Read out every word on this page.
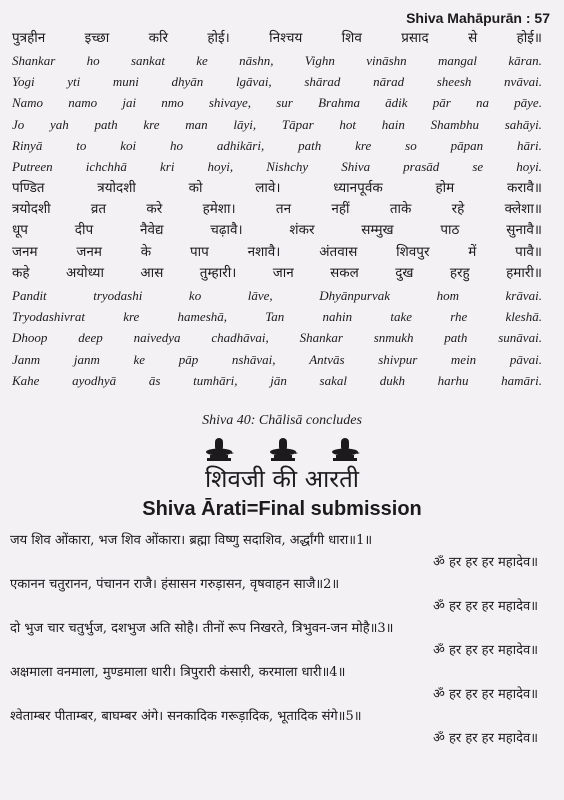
Shiva Mahāpurān : 57
पुत्रहीन	इच्छा	करि	होई।	निश्चय	शिव	प्रसाद	से	होई॥
Shankar ho sankat ke nāshn, Vighn vināshn mangal kāran.
Yogi	yti	muni	dhyān	lgāvai,	shārad	nārad	sheesh	nvāvai.
Namo namo jai nmo shivaye, sur Brahma ādik pār na pāye.
Jo yah path kre man lāyi, Tāpar hot hain Shambhu sahāyi.
Rinyā	to	koi	ho	adhikāri,	path	kre	so	pāpan	hāri.
Putreen	ichchhā	kri	hoyi,	Nishchy	Shiva	prasād	se	hoyi.
पण्डित	त्रयोदशी	को	लावे।	ध्यानपूर्वक	होम	करावै॥
त्रयोदशी	व्रत	करे	हमेशा।	तन	नहीं	ताके	रहे	क्लेशा॥
धूप	दीप	नैवेद्य	चढ़ावै।	शंकर	सम्मुख	पाठ	सुनावै॥
जनम	जनम	के	पाप	नशावै।	अंतवास	शिवपुर	में	पावै॥
कहे	अयोध्या	आस	तुम्हारी।	जान	सकल	दुख	हरहु	हमारी॥
Pandit	tryodashi	ko	lāve,	Dhyānpurvak	hom	krāvai.
Tryodashivrat	kre	hameshā,	Tan	nahin	take	rhe	kleshā.
Dhoop deep naivedya chadhāvai, Shankar snmukh path sunāvai.
Janm	janm	ke	pāp	nshāvai,	Antvās	shivpur	mein	pāvai.
Kahe	ayodhyā	ās	tumhāri,	jān	sakal	dukh	harhu	hamāri.
Shiva 40: Chālisā concludes
शिवजी की आरती
Shiva Ārati=Final submission
जय शिव ओंकारा, भज शिव ओंकारा। ब्रह्मा विष्णु सदाशिव, अर्द्धांगी धारा॥1॥
ॐ हर हर हर महादेव॥
एकानन चतुरानन, पंचानन राजै। हंसासन गरुड़ासन, वृषवाहन साजै॥2॥
ॐ हर हर हर महादेव॥
दो भुज चार चतुर्भुज, दशभुज अति सोहै। तीनों रूप निखरते, त्रिभुवन-जन मोहै॥3॥
ॐ हर हर हर महादेव॥
अक्षमाला वनमाला, मुण्डमाला धारी। त्रिपुरारी कंसारी, करमाला धारी॥4॥
ॐ हर हर हर महादेव॥
श्वेताम्बर पीताम्बर, बाघम्बर अंगे। सनकादिक गरूड़ादिक, भूतादिक संगे॥5॥
ॐ हर हर हर महादेव॥
